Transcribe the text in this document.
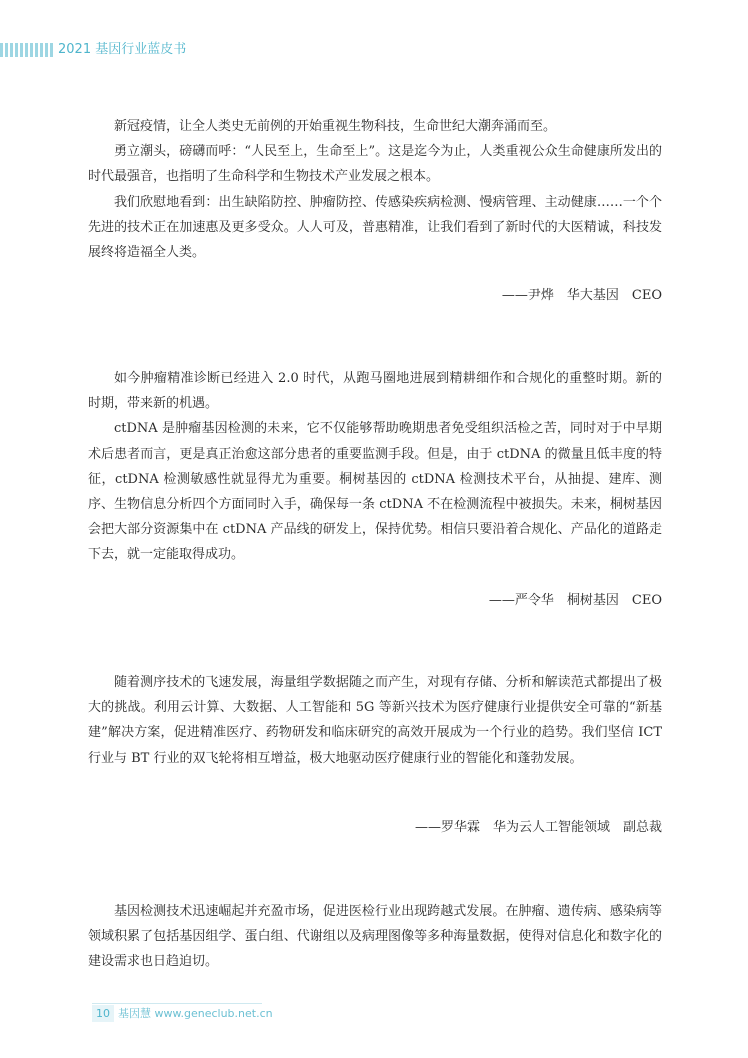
2021 基因行业蓝皮书

新冠疫情，让全人类史无前例的开始重视生物科技，生命世纪大潮奔涌而至。

勇立潮头，磅礴而呼：“人民至上，生命至上”。这是迄今为止，人类重视公众生命健康所发出的时代最强音，也指明了生命科学和生物技术产业发展之根本。

我们欣慰地看到：出生缺陷防控、肿瘤防控、传感染疾病检测、慢病管理、主动健康……一个个先进的技术正在加速惠及更多受众。人人可及，普惠精准，让我们看到了新时代的大医精诚，科技发展终将造福全人类。

——尹烨　华大基因　CEO

如今肿瘤精准诊断已经进入 2.0 时代，从跑马圈地进展到精耕细作和合规化的重整时期。新的时期，带来新的机遇。

ctDNA 是肿瘤基因检测的未来，它不仅能够帮助晚期患者免受组织活检之苦，同时对于中早期术后患者而言，更是真正治愈这部分患者的重要监测手段。但是，由于 ctDNA 的微量且低丰度的特征，ctDNA 检测敏感性就显得尤为重要。桐树基因的 ctDNA 检测技术平台，从抽提、建库、测序、生物信息分析四个方面同时入手，确保每一条 ctDNA 不在检测流程中被损失。未来，桐树基因会把大部分资源集中在 ctDNA 产品线的研发上，保持优势。相信只要沿着合规化、产品化的道路走下去，就一定能取得成功。

——严令华　桐树基因　CEO

随着测序技术的飞速发展，海量组学数据随之而产生，对现有存储、分析和解读范式都提出了极大的挑战。利用云计算、大数据、人工智能和 5G 等新兴技术为医疗健康行业提供安全可靠的“新基建”解决方案，促进精准医疗、药物研发和临床研究的高效开展成为一个行业的趋势。我们坚信 ICT 行业与 BT 行业的双飞轮将相互增益，极大地驱动医疗健康行业的智能化和蓬勃发展。

——罗华霖　华为云人工智能领域　副总裁

基因检测技术迅速崛起并充盈市场，促进医检行业出现跨越式发展。在肿瘤、遗传病、感染病等领域积累了包括基因组学、蛋白组、代谢组以及病理图像等多种海量数据，使得对信息化和数字化的建设需求也日趋迫切。

10 基因慧 www.geneclub.net.cn
